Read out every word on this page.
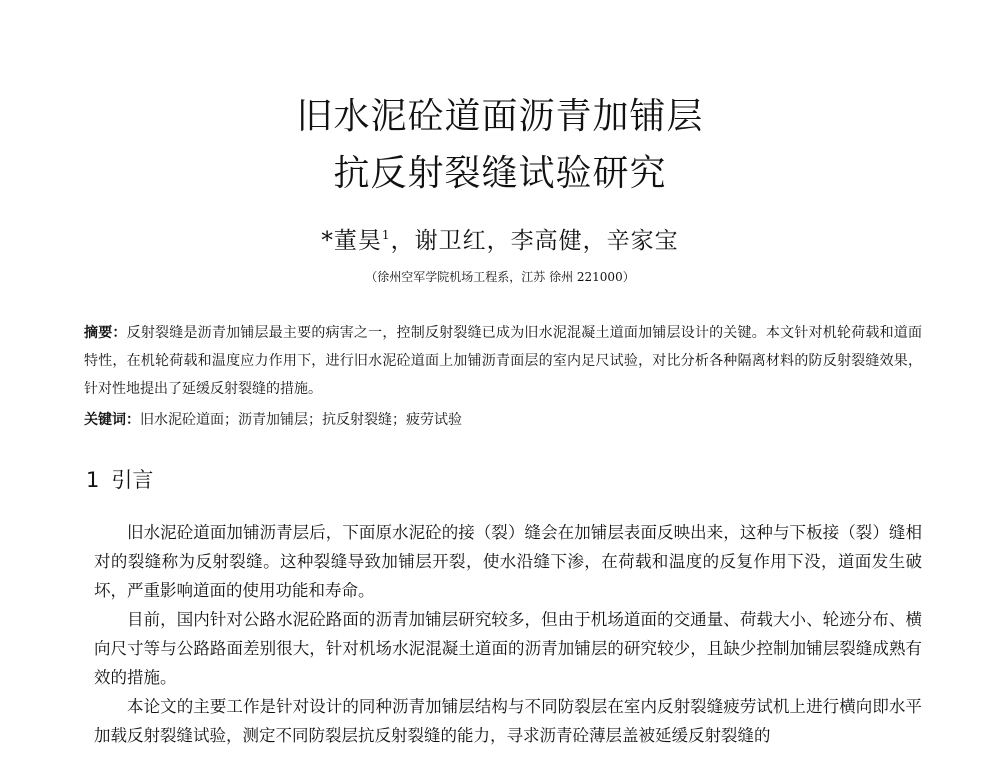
旧水泥砼道面沥青加铺层
抗反射裂缝试验研究
*董昊$^1$，谢卫红，李高健，辛家宝
（徐州空军学院机场工程系，江苏 徐州 221000）
摘要：反射裂缝是沥青加铺层最主要的病害之一，控制反射裂缝已成为旧水泥混凝土道面加铺层设计的关键。本文针对机轮荷载和道面特性，在机轮荷载和温度应力作用下，进行旧水泥砼道面上加铺沥青面层的室内足尺试验，对比分析各种隔离材料的防反射裂缝效果，针对性地提出了延缓反射裂缝的措施。
关键词：旧水泥砼道面；沥青加铺层；抗反射裂缝；疲劳试验
1 引言

旧水泥砼道面加铺沥青层后，下面原水泥砼的接（裂）缝会在加铺层表面反映出来，这种与下板接（裂）缝相对的裂缝称为反射裂缝。这种裂缝导致加铺层开裂，使水沿缝下渗，在荷载和温度的反复作用下没，道面发生破坏，严重影响道面的使用功能和寿命。

目前，国内针对公路水泥砼路面的沥青加铺层研究较多，但由于机场道面的交通量、荷载大小、轮迹分布、横向尺寸等与公路路面差别很大，针对机场水泥混凝土道面的沥青加铺层的研究较少，且缺少控制加铺层裂缝成熟有效的措施。

本论文的主要工作是针对设计的同种沥青加铺层结构与不同防裂层在室内反射裂缝疲劳试机上进行横向即水平加载反射裂缝试验，测定不同防裂层抗反射裂缝的能力，寻求沥青砼薄层盖被延缓反射裂缝的
